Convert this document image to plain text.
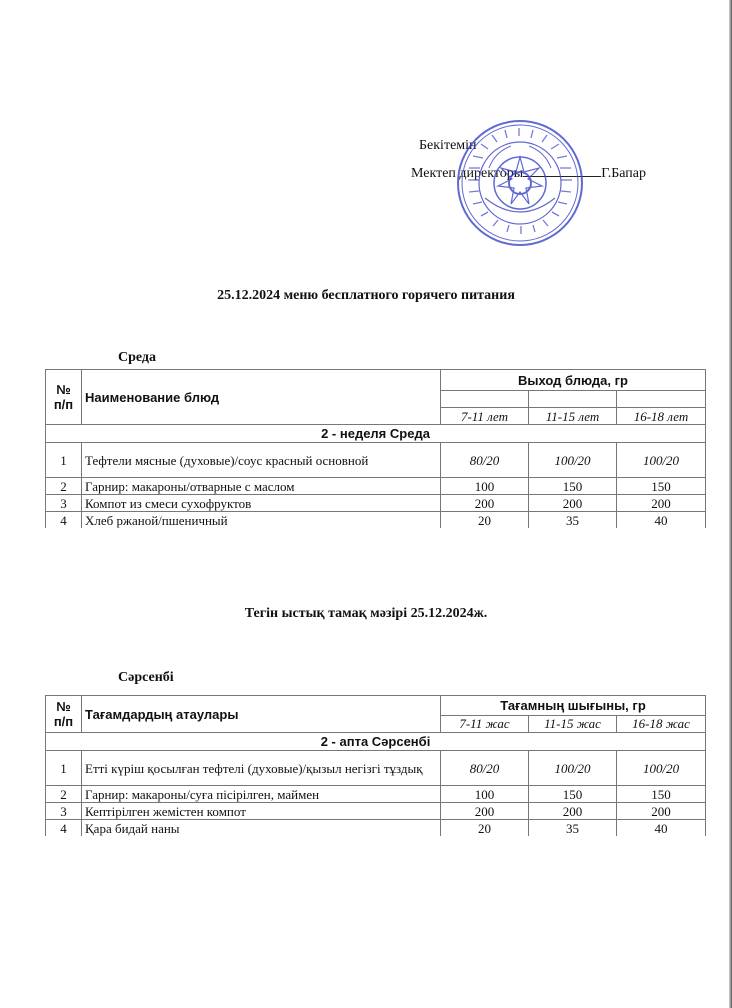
Бекітемін
Мектеп директоры	Г.Бапар
25.12.2024 меню бесплатного горячего питания
Среда
№ п/п	Наименование блюд	Выход блюда, гр		

		7-11 лет	11-15 лет	16-18 лет
2 - неделя Среда				
1	Тефтели мясные (духовые)/соус красный основной	80/20	100/20	100/20
2	Гарнир: макароны/отварные с маслом	100	150	150
3	Компот из смеси сухофруктов	200	200	200
4	Хлеб ржаной/пшеничный	20	35	40
Тегін ыстық тамақ мәзірі 25.12.2024ж.
Сәрсенбі
№ п/п	Тағамдардың атаулары	Тағамның шығыны, гр		
		7-11 жас	11-15 жас	16-18 жас
2 - апта Сәрсенбі				
1	Етті күріш қосылған тефтелі (духовые)/қызыл негізгі тұздық	80/20	100/20	100/20
2	Гарнир: макароны/суға пісірілген, маймен	100	150	150
3	Кептірілген жемістен компот	200	200	200
4	Қара бидай наны	20	35	40
